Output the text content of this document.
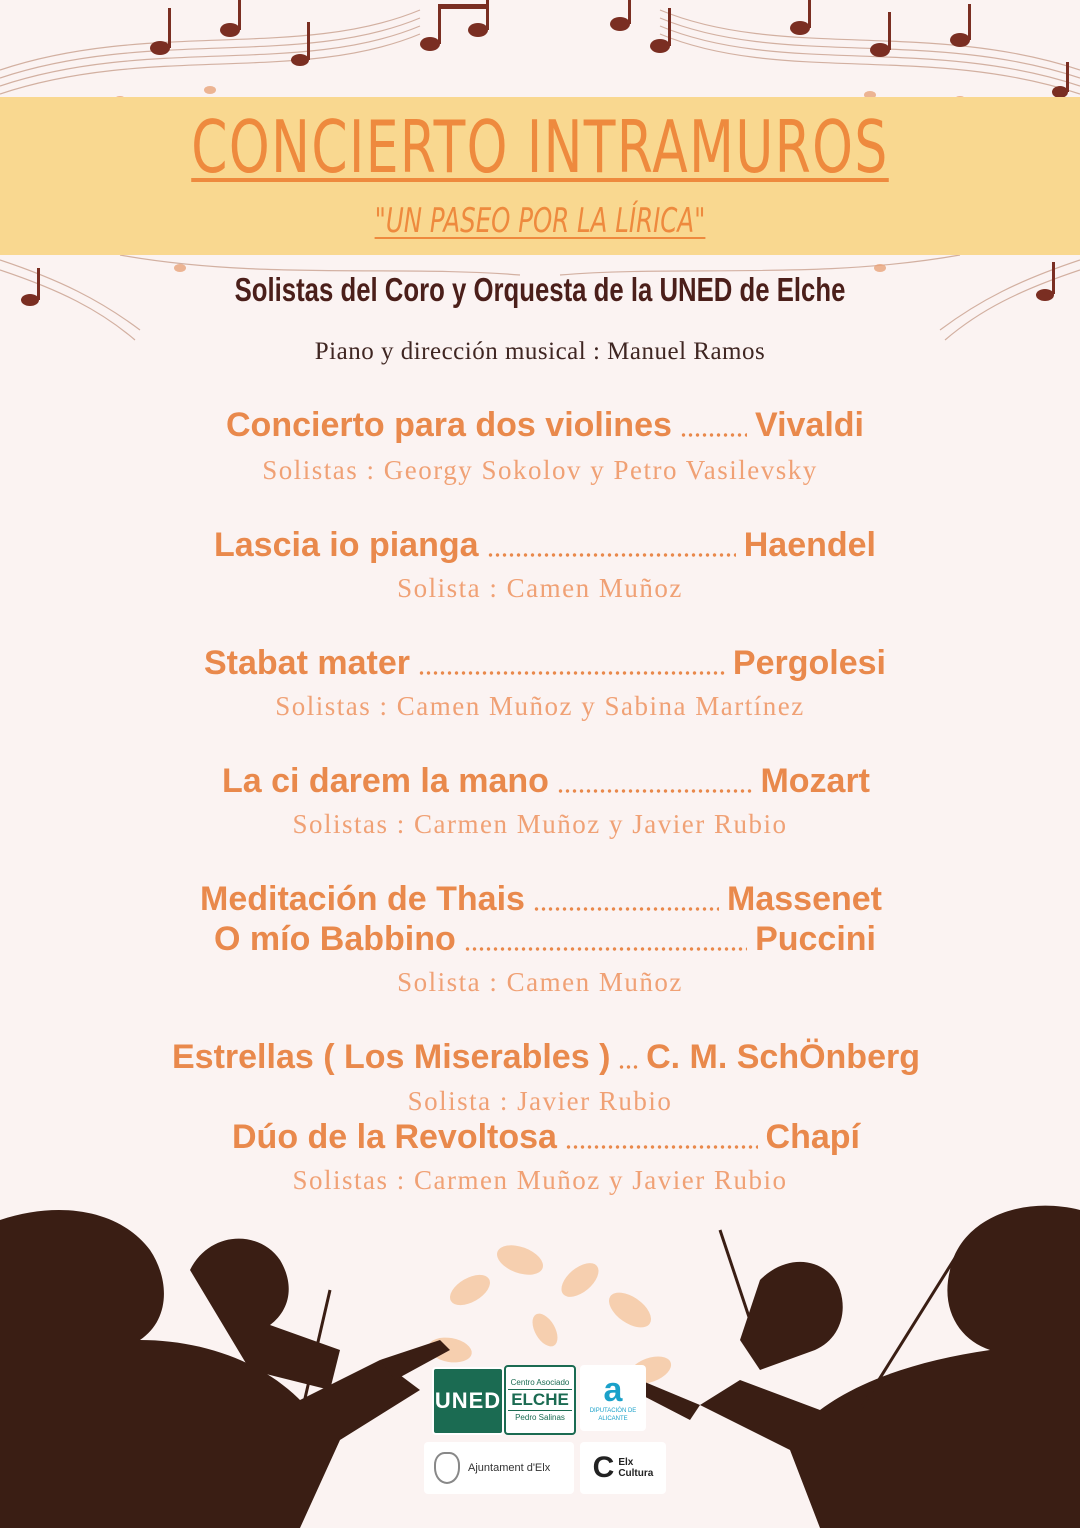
CONCIERTO INTRAMUROS
"UN PASEO POR LA LÍRICA"
Solistas del Coro y Orquesta de la UNED de Elche
Piano y dirección musical : Manuel Ramos
Concierto para dos violines Vivaldi
Solistas : Georgy Sokolov y Petro Vasilevsky
Lascia io pianga	Haendel
Solista : Camen Muñoz
Stabat mater	Pergolesi
Solistas : Camen Muñoz y Sabina Martínez
La ci darem la mano	Mozart
Solistas : Carmen Muñoz y Javier Rubio
Meditación de Thais	Massenet
O mío Babbino	Puccini
Solista : Camen Muñoz
Estrellas ( Los Miserables ) C. M. SchÖnberg
Solista : Javier Rubio
Dúo de la Revoltosa	Chapí
Solistas : Carmen Muñoz y Javier Rubio
UNED
Centro Asociado
ELCHE
Pedro Salinas
a
DIPUTACIÓN DE ALICANTE
Ajuntament d'Elx C Elx
Cultura
